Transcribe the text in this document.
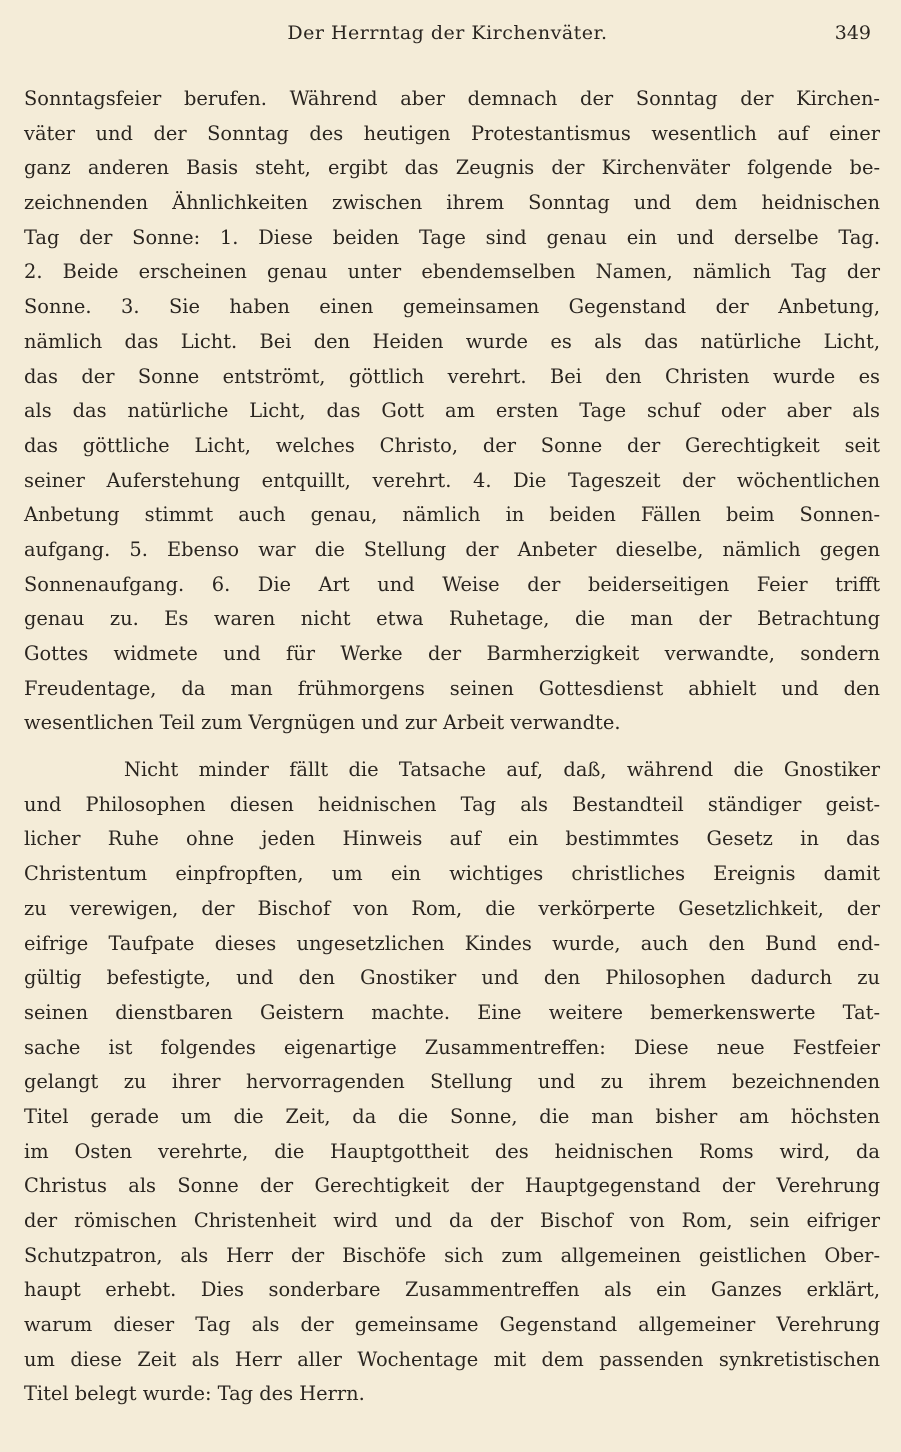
Der Herrntag der Kirchenväter.	349
Sonntagsfeier berufen. Während aber demnach der Sonntag der Kirchen-
väter und der Sonntag des heutigen Protestantismus wesentlich auf einer
ganz anderen Basis steht, ergibt das Zeugnis der Kirchenväter folgende be-
zeichnenden Ähnlichkeiten zwischen ihrem Sonntag und dem heidnischen
Tag der Sonne: 1. Diese beiden Tage sind genau ein und derselbe Tag.
2. Beide erscheinen genau unter ebendemselben Namen, nämlich Tag der
Sonne. 3. Sie haben einen gemeinsamen Gegenstand der Anbetung,
nämlich das Licht. Bei den Heiden wurde es als das natürliche Licht,
das der Sonne entströmt, göttlich verehrt. Bei den Christen wurde es
als das natürliche Licht, das Gott am ersten Tage schuf oder aber als
das göttliche Licht, welches Christo, der Sonne der Gerechtigkeit seit
seiner Auferstehung entquillt, verehrt. 4. Die Tageszeit der wöchentlichen
Anbetung stimmt auch genau, nämlich in beiden Fällen beim Sonnen-
aufgang. 5. Ebenso war die Stellung der Anbeter dieselbe, nämlich gegen
Sonnenaufgang. 6. Die Art und Weise der beiderseitigen Feier trifft
genau zu. Es waren nicht etwa Ruhetage, die man der Betrachtung
Gottes widmete und für Werke der Barmherzigkeit verwandte, sondern
Freudentage, da man frühmorgens seinen Gottesdienst abhielt und den
wesentlichen Teil zum Vergnügen und zur Arbeit verwandte.
Nicht minder fällt die Tatsache auf, daß, während die Gnostiker
und Philosophen diesen heidnischen Tag als Bestandteil ständiger geist-
licher Ruhe ohne jeden Hinweis auf ein bestimmtes Gesetz in das
Christentum einpfropften, um ein wichtiges christliches Ereignis damit
zu verewigen, der Bischof von Rom, die verkörperte Gesetzlichkeit, der
eifrige Taufpate dieses ungesetzlichen Kindes wurde, auch den Bund end-
gültig befestigte, und den Gnostiker und den Philosophen dadurch zu
seinen dienstbaren Geistern machte. Eine weitere bemerkenswerte Tat-
sache ist folgendes eigenartige Zusammentreffen: Diese neue Festfeier
gelangt zu ihrer hervorragenden Stellung und zu ihrem bezeichnenden
Titel gerade um die Zeit, da die Sonne, die man bisher am höchsten
im Osten verehrte, die Hauptgottheit des heidnischen Roms wird, da
Christus als Sonne der Gerechtigkeit der Hauptgegenstand der Verehrung
der römischen Christenheit wird und da der Bischof von Rom, sein eifriger
Schutzpatron, als Herr der Bischöfe sich zum allgemeinen geistlichen Ober-
haupt erhebt. Dies sonderbare Zusammentreffen als ein Ganzes erklärt,
warum dieser Tag als der gemeinsame Gegenstand allgemeiner Verehrung
um diese Zeit als Herr aller Wochentage mit dem passenden synkretistischen
Titel belegt wurde: Tag des Herrn.
